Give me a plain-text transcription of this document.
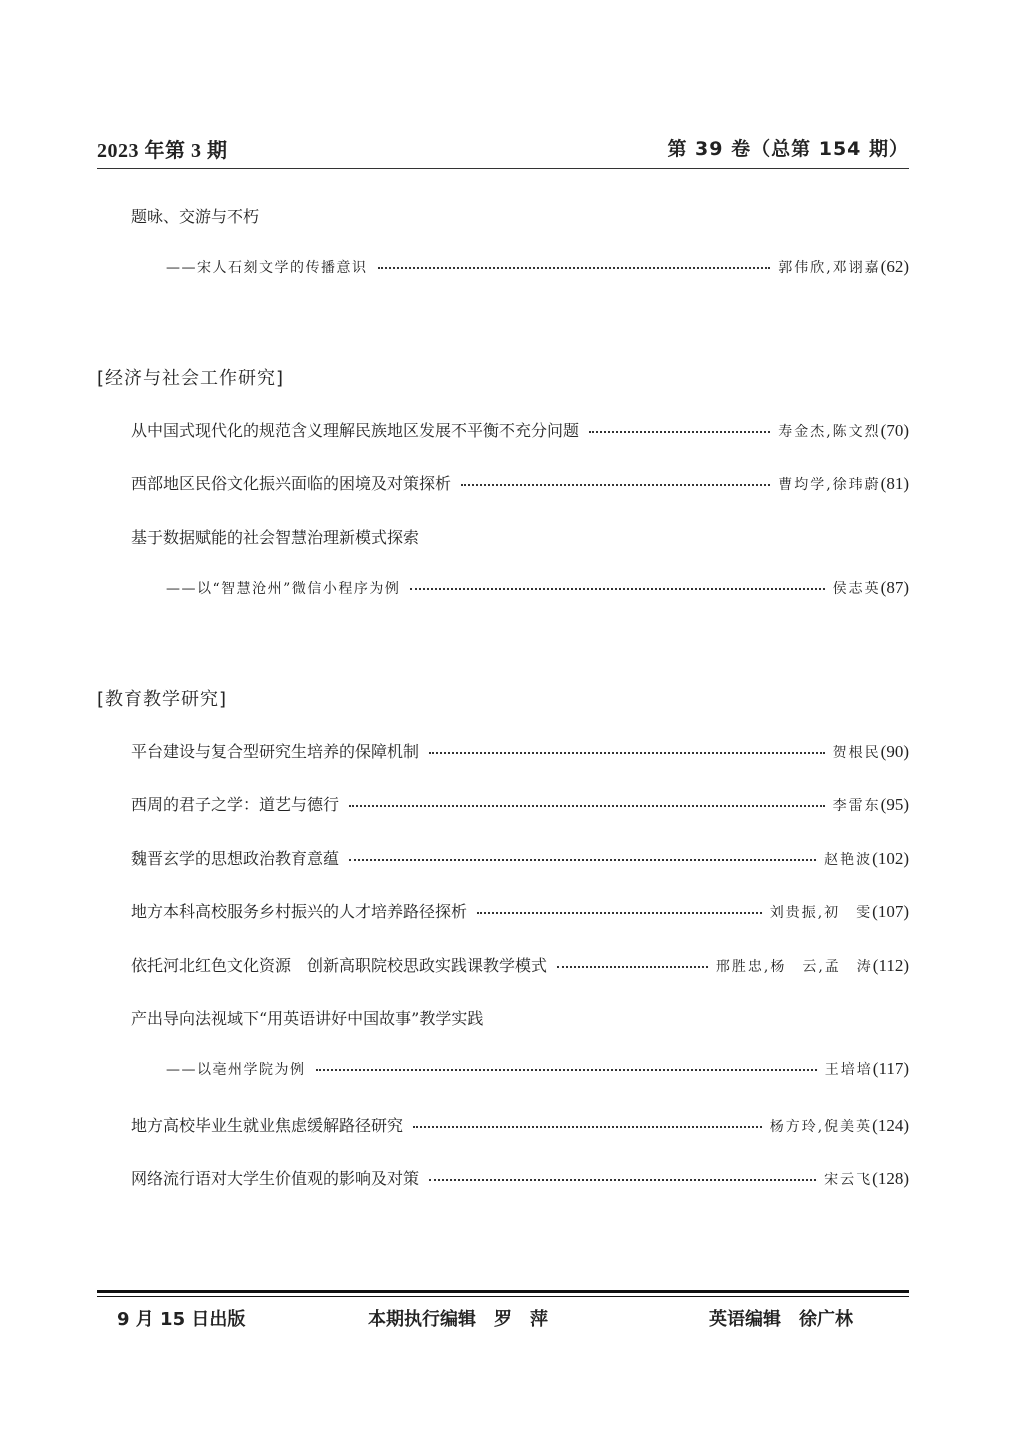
2023 年第 3 期	第 39 卷（总第 154 期）
题咏、交游与不朽
——宋人石刻文学的传播意识	郭伟欣,邓诩嘉 (62)
[经济与社会工作研究]
从中国式现代化的规范含义理解民族地区发展不平衡不充分问题	寿金杰,陈文烈 (70)
西部地区民俗文化振兴面临的困境及对策探析	曹均学,徐玮蔚 (81)
基于数据赋能的社会智慧治理新模式探索
——以“智慧沧州”微信小程序为例	侯志英 (87)
[教育教学研究]
平台建设与复合型研究生培养的保障机制	贺根民 (90)
西周的君子之学：道艺与德行	李雷东 (95)
魏晋玄学的思想政治教育意蕴	赵艳波 (102)
地方本科高校服务乡村振兴的人才培养路径探析	刘贵振,初　雯 (107)
依托河北红色文化资源　创新高职院校思政实践课教学模式	邢胜忠,杨　云,孟　涛 (112)
产出导向法视域下“用英语讲好中国故事”教学实践
——以亳州学院为例	王培培 (117)
地方高校毕业生就业焦虑缓解路径研究	杨方玲,倪美英 (124)
网络流行语对大学生价值观的影响及对策	宋云飞 (128)
9 月 15 日出版	本期执行编辑　罗　萍	英语编辑　徐广林
